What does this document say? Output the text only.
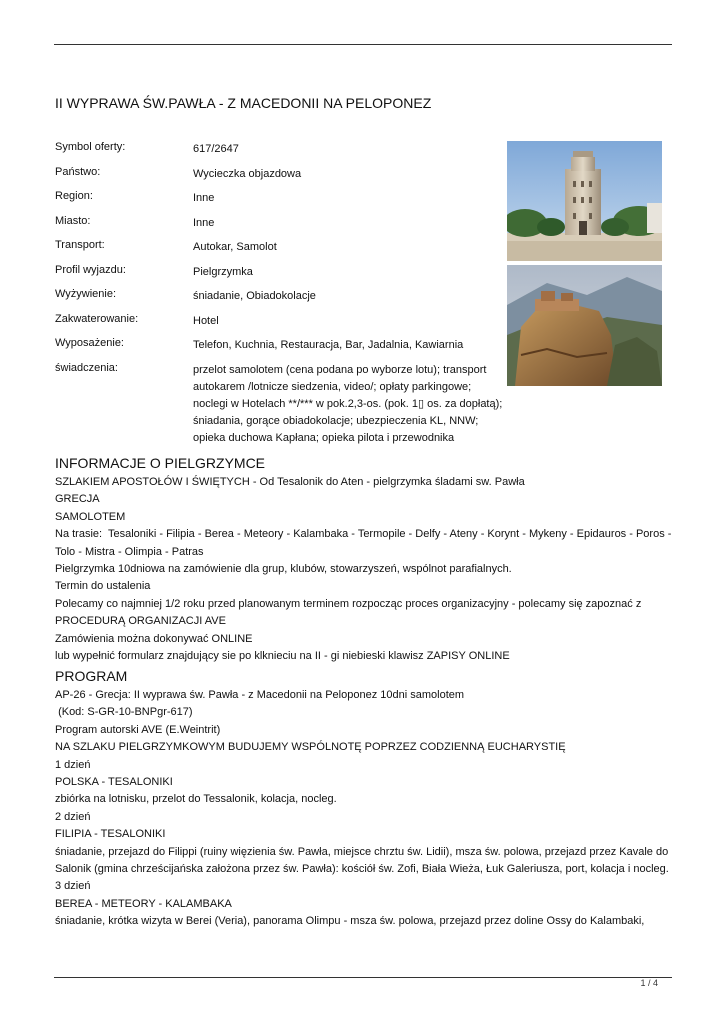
II WYPRAWA ŚW.PAWŁA - Z MACEDONII NA PELOPONEZ
Symbol oferty:	617/2647
Państwo:	Wycieczka objazdowa
Region:	Inne
Miasto:	Inne
Transport:	Autokar, Samolot
Profil wyjazdu:	Pielgrzymka
Wyżywienie:	śniadanie, Obiadokolacje
Zakwaterowanie:	Hotel
Wyposażenie:	Telefon, Kuchnia, Restauracja, Bar, Jadalnia, Kawiarnia
świadczenia:	przelot samolotem (cena podana po wyborze lotu); transport autokarem /lotnicze siedzenia, video/; opłaty parkingowe; noclegi w Hotelach **/*** w pok.2,3-os. (pok. 1▯ os. za dopłatą); śniadania, gorące obiadokolacje; ubezpieczenia KL, NNW; opieka duchowa Kapłana; opieka pilota i przewodnika
INFORMACJE O PIELGRZYMCE

SZLAKIEM APOSTOŁÓW I ŚWIĘTYCH - Od Tesalonik do Aten - pielgrzymka śladami sw. Pawła

GRECJA

SAMOLOTEM

Na trasie:  Tesaloniki - Filipia - Berea - Meteory - Kalambaka - Termopile - Delfy - Ateny - Korynt - Mykeny - Epidauros - Poros - Tolo - Mistra - Olimpia - Patras

Pielgrzymka 10dniowa na zamówienie dla grup, klubów, stowarzyszeń, wspólnot parafialnych.

Termin do ustalenia

Polecamy co najmniej 1/2 roku przed planowanym terminem rozpocząc proces organizacyjny - polecamy się zapoznać z PROCEDURĄ ORGANIZACJI AVE

Zamówienia można dokonywać ONLINE

lub wypełnić formularz znajdujący sie po klknieciu na II - gi niebieski klawisz ZAPISY ONLINE

PROGRAM

AP-26 - Grecja: II wyprawa św. Pawła - z Macedonii na Peloponez 10dni samolotem

(Kod: S-GR-10-BNPgr-617)

Program autorski AVE (E.Weintrit)

NA SZLAKU PIELGRZYMKOWYM BUDUJEMY WSPÓLNOTĘ POPRZEZ CODZIENNĄ EUCHARYSTIĘ

1 dzień

POLSKA - TESALONIKI

zbiórka na lotnisku, przelot do Tessalonik, kolacja, nocleg.

2 dzień

FILIPIA - TESALONIKI

śniadanie, przejazd do Filippi (ruiny więzienia św. Pawła, miejsce chrztu św. Lidii), msza św. polowa, przejazd przez Kavale do Salonik (gmina chrześcijańska założona przez św. Pawła): kościół św. Zofi, Biała Wieża, Łuk Galeriusza, port, kolacja i nocleg.

3 dzień

BEREA - METEORY - KALAMBAKA

śniadanie, krótka wizyta w Berei (Veria), panorama Olimpu - msza św. polowa, przejazd przez doline Ossy do Kalambaki,

1 / 4
